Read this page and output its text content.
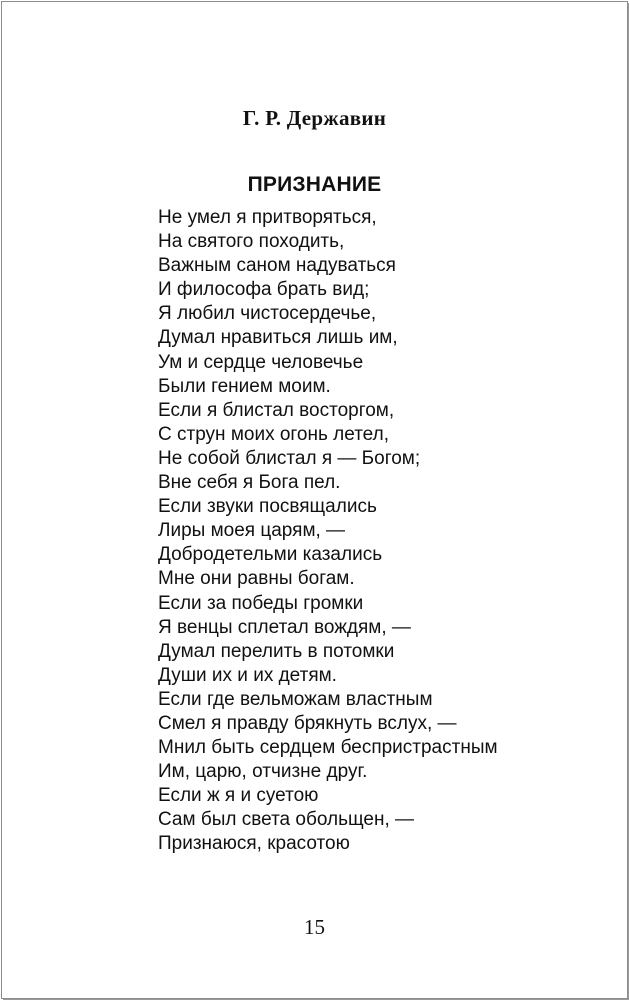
Г. Р. Державин
ПРИЗНАНИЕ
Не умел я притворяться,
На святого походить,
Важным саном надуваться
И философа брать вид;
Я любил чистосердечье,
Думал нравиться лишь им,
Ум и сердце человечье
Были гением моим.
Если я блистал восторгом,
С струн моих огонь летел,
Не собой блистал я — Богом;
Вне себя я Бога пел.
Если звуки посвящались
Лиры моея царям, —
Добродетельми казались
Мне они равны богам.
Если за победы громки
Я венцы сплетал вождям, —
Думал перелить в потомки
Души их и их детям.
Если где вельможам властным
Смел я правду брякнуть вслух, —
Мнил быть сердцем беспристрастным
Им, царю, отчизне друг.
Если ж я и суетою
Сам был света обольщен, —
Признаюся, красотою
15
